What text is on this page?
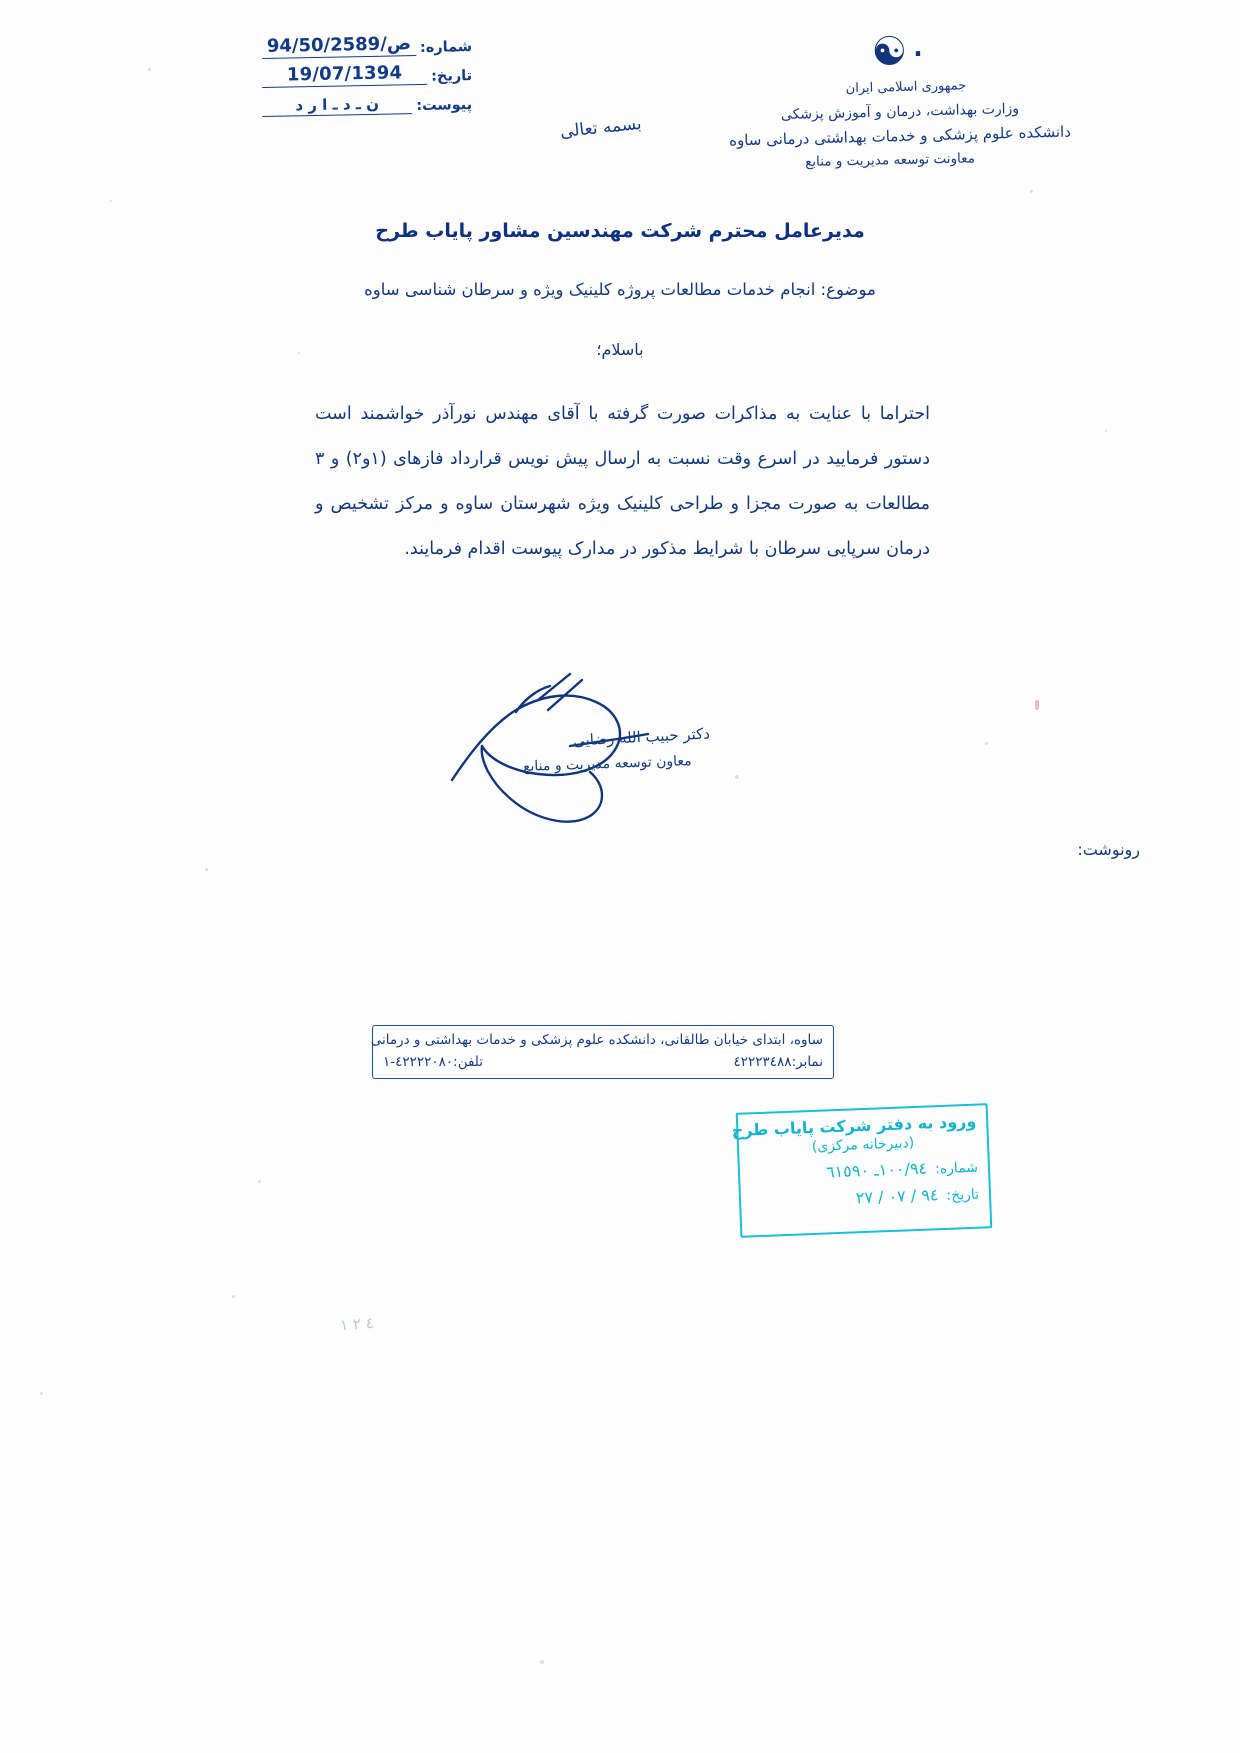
شماره:
94/ص/50/2589
تاریخ:
19/07/1394
پیوست:
ن ـ د ـ ا ر د
۰☯
جمهوری اسلامی ایران
وزارت بهداشت، درمان و آموزش پزشکی
دانشکده علوم پزشکی و خدمات بهداشتی درمانی ساوه
معاونت توسعه مدیریت و منابع
بسمه تعالی
مدیرعامل محترم شرکت مهندسین مشاور پایاب طرح
موضوع: انجام خدمات مطالعات پروژه کلینیک ویژه و سرطان شناسی ساوه
باسلام؛
احتراما با عنایت به مذاکرات صورت گرفته با آقای مهندس نورآذر خواشمند است دستور فرمایید در اسرع وقت نسبت به ارسال پیش نویس قرارداد فازهای (۱و۲) و ۳ مطالعات به صورت مجزا و طراحی کلینیک ویژه شهرستان ساوه و مرکز تشخیص و درمان سرپایی سرطان با شرایط مذکور در مدارک پیوست اقدام فرمایند.
دکتر حبیب الله رضایی
معاون توسعه مدیریت و منابع
رونوشت:
ساوه، ابتدای خیابان طالقانی، دانشکده علوم پزشکی و خدمات بهداشتی و درمانی
نمابر:٤٢٢٢٣٤٨٨
تلفن:٤٢٢٢٢٠٨٠-١
ورود به دفتر شرکت پایاب طرح
(دبیرخانه مرکزی)
شماره:
١٠٠/٩٤ـ ٦١٥٩٠
تاریخ:
٩٤ / ٠٧ / ٢٧
٤ ٢ ١
